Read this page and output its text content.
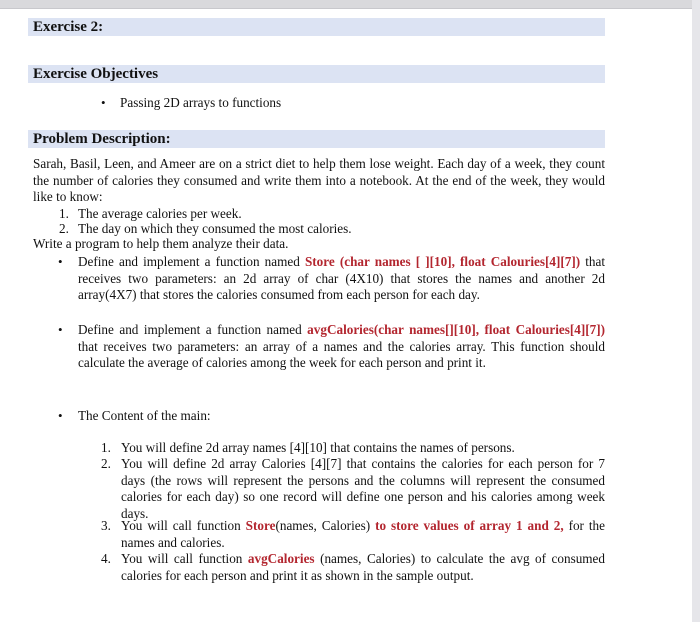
Exercise 2:
Exercise Objectives
• Passing 2D arrays to functions
Problem Description:
Sarah, Basil, Leen, and Ameer are on a strict diet to help them lose weight. Each day of a week, they count the number of calories they consumed and write them into a notebook. At the end of the week, they would like to know:
1. The average calories per week.
2. The day on which they consumed the most calories.
Write a program to help them analyze their data.
• Define and implement a function named Store (char names [ ][10], float Calouries[4][7]) that receives two parameters: an 2d array of char (4X10) that stores the names and another 2d array(4X7) that stores the calories consumed from each person for each day.
• Define and implement a function named avgCalories(char names[][10], float Calouries[4][7]) that receives two parameters: an array of a names and the calories array. This function should calculate the average of calories among the week for each person and print it.
• The Content of the main:
1. You will define 2d array names [4][10] that contains the names of persons.
2. You will define 2d array Calories [4][7] that contains the calories for each person for 7 days (the rows will represent the persons and the columns will represent the consumed calories for each day) so one record will define one person and his calories among week days.
3. You will call function Store(names, Calories) to store values of array 1 and 2, for the names and calories.
4. You will call function avgCalories (names, Calories) to calculate the avg of consumed calories for each person and print it as shown in the sample output.
